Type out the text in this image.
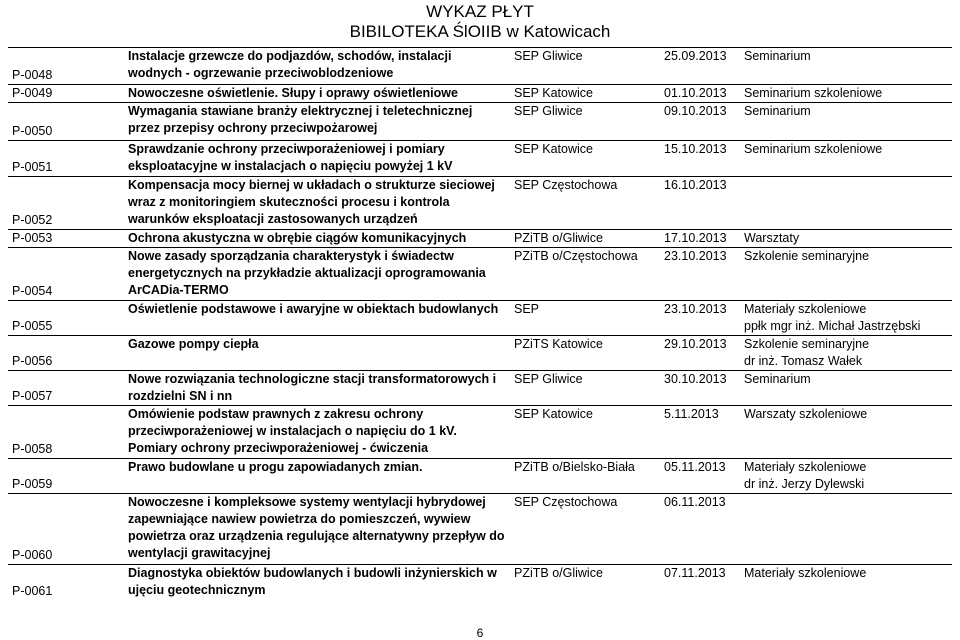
WYKAZ PŁYT
BIBILOTEKA ŚlOIIB w Katowicach
P-0048	Instalacje grzewcze do podjazdów, schodów, instalacji wodnych - ogrzewanie przeciwoblodzeniowe	SEP Gliwice	25.09.2013	Seminarium
P-0049	Nowoczesne oświetlenie. Słupy i oprawy oświetleniowe	SEP Katowice	01.10.2013	Seminarium szkoleniowe
P-0050	Wymagania stawiane branży elektrycznej i teletechnicznej przez przepisy ochrony przeciwpożarowej	SEP Gliwice	09.10.2013	Seminarium
P-0051	Sprawdzanie ochrony przeciwporażeniowej i pomiary eksploatacyjne w instalacjach o napięciu powyżej 1 kV	SEP Katowice	15.10.2013	Seminarium szkoleniowe
P-0052	Kompensacja mocy biernej w układach o strukturze sieciowej wraz z monitoringiem skuteczności procesu i kontrola warunków eksploatacji zastosowanych urządzeń	SEP Częstochowa	16.10.2013	
P-0053	Ochrona akustyczna w obrębie ciągów komunikacyjnych	PZiTB o/Gliwice	17.10.2013	Warsztaty
P-0054	Nowe zasady sporządzania charakterystyk i świadectw energetycznych na przykładzie aktualizacji oprogramowania ArCADia-TERMO	PZiTB o/Częstochowa	23.10.2013	Szkolenie seminaryjne
P-0055	Oświetlenie podstawowe i awaryjne w obiektach budowlanych	SEP	23.10.2013	Materiały szkoleniowe
ppłk mgr inż. Michał Jastrzębski

P-0056	Gazowe pompy ciepła	PZiTS Katowice	29.10.2013	Szkolenie seminaryjne
dr inż. Tomasz Wałek

P-0057	Nowe rozwiązania technologiczne stacji transformatorowych i rozdzielni SN i nn	SEP Gliwice	30.10.2013	Seminarium
P-0058	Omówienie podstaw prawnych z zakresu ochrony przeciwporażeniowej w instalacjach o napięciu do 1 kV. Pomiary ochrony przeciwporażeniowej - ćwiczenia	SEP Katowice	5.11.2013	Warszaty szkoleniowe
P-0059	Prawo budowlane u progu zapowiadanych zmian.	PZiTB o/Bielsko-Biała	05.11.2013	Materiały szkoleniowe
dr inż. Jerzy Dylewski

P-0060	Nowoczesne i kompleksowe systemy wentylacji hybrydowej zapewniające nawiew powietrza do pomieszczeń, wywiew powietrza oraz urządzenia regulujące alternatywny przepływ do wentylacji grawitacyjnej	SEP Częstochowa	06.11.2013	
P-0061	Diagnostyka obiektów budowlanych i budowli inżynierskich w ujęciu geotechnicznym	PZiTB o/Gliwice	07.11.2013	Materiały szkoleniowe
6
